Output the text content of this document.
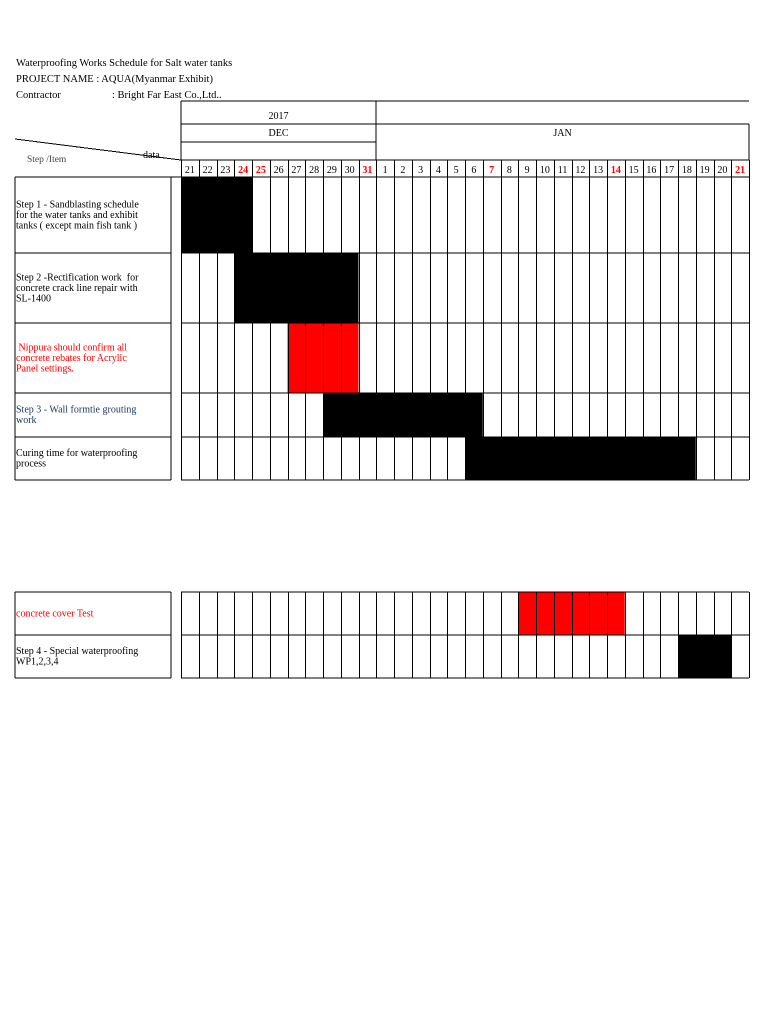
Waterproofing Works Schedule for Salt water tanks
PROJECT NAME : AQUA(Myanmar Exhibit)
Contractor	: Bright Far East Co.,Ltd..
2017
DEC	JAN
data
Step /Item
21 22 23 24 25 26 27 28 29 30 31 1 2 3 4 5 6 7 8 9 10 11 12 13 14 15 16 17 18 19 20 21
Step 1 - Sandblasting schedule
for the water tanks and exhibit
tanks ( except main fish tank )
Step 2 -Rectification work  for
concrete crack line repair with
SL-1400
Nippura should confirm all
concrete rebates for Acrylic
Panel settings.
Step 3 - Wall formtie grouting
work
Curing time for waterproofing
process
concrete cover Test
Step 4 - Special waterproofing
WP1,2,3,4
